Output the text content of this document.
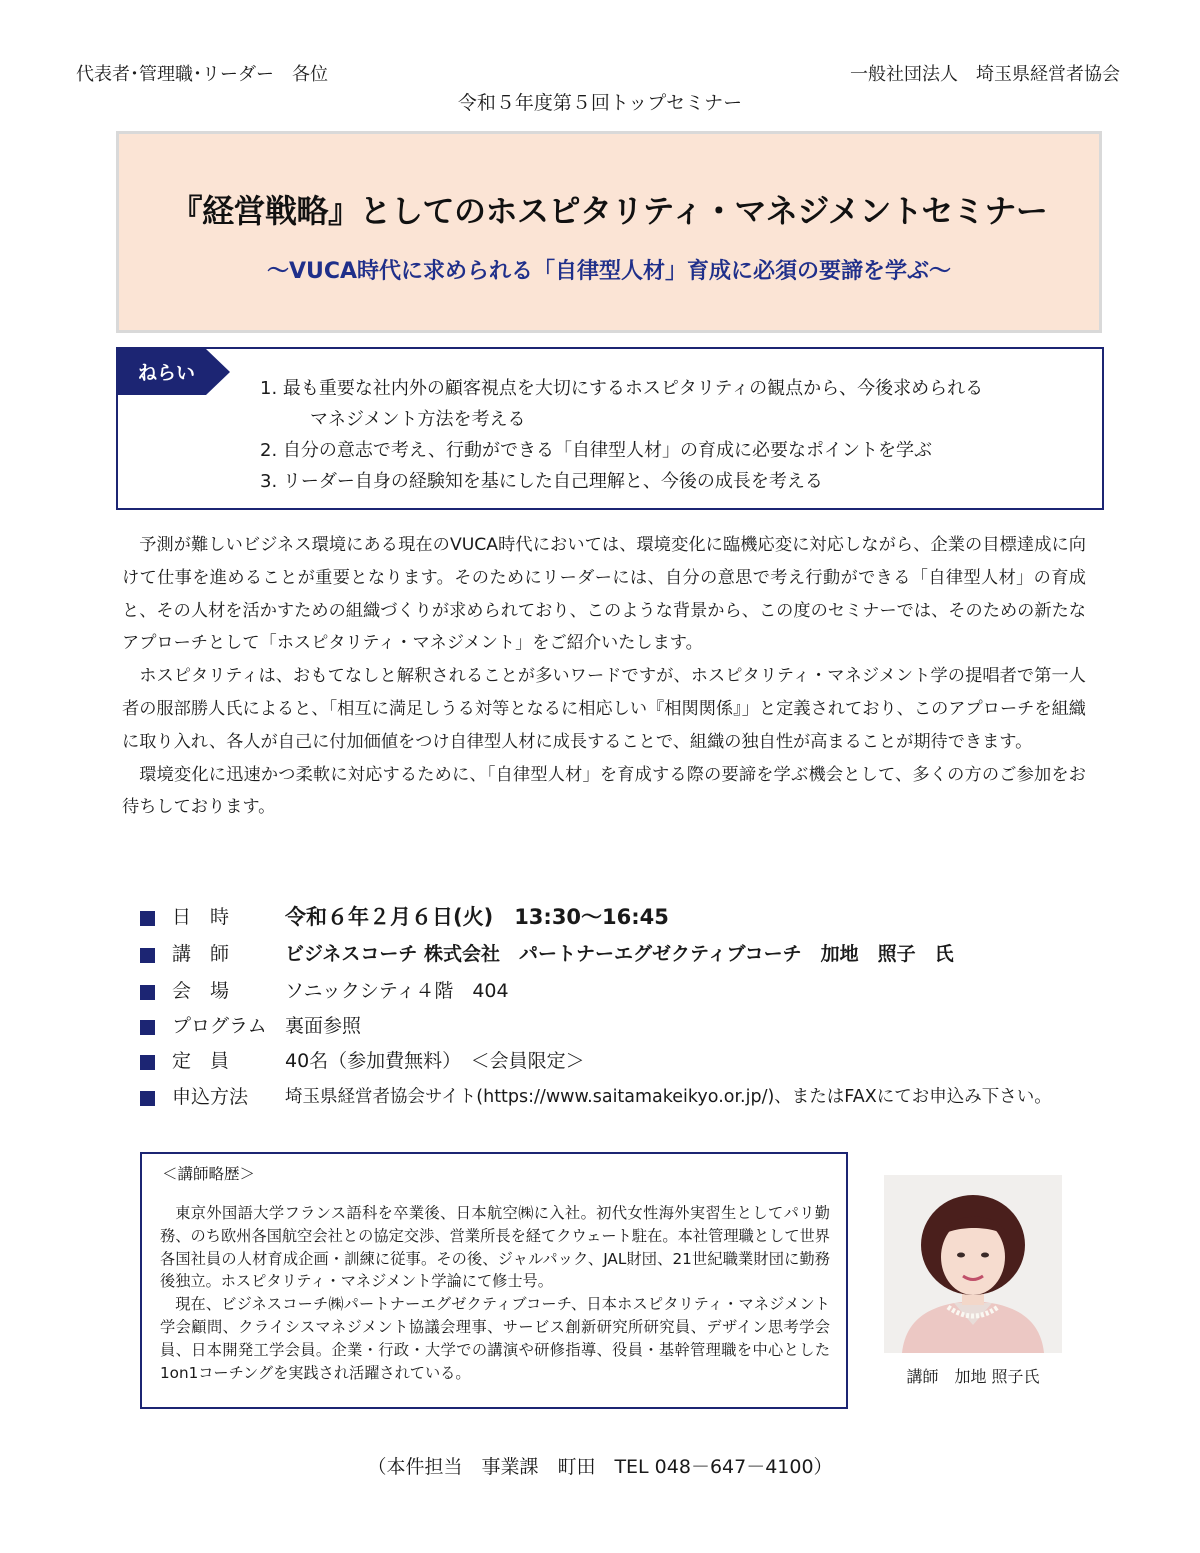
代表者･管理職･リーダー　各位	一般社団法人　埼玉県経営者協会
令和５年度第５回トップセミナー
『経営戦略』としてのホスピタリティ・マネジメントセミナー
～VUCA時代に求められる「自律型人材」育成に必須の要諦を学ぶ～
ねらい
1. 最も重要な社内外の顧客視点を大切にするホスピタリティの観点から、今後求められる
マネジメント方法を考える
2. 自分の意志で考え、行動ができる「自律型人材」の育成に必要なポイントを学ぶ
3. リーダー自身の経験知を基にした自己理解と、今後の成長を考える

予測が難しいビジネス環境にある現在のVUCA時代においては、環境変化に臨機応変に対応しながら、企業の目標達成に向けて仕事を進めることが重要となります。そのためにリーダーには、自分の意思で考え行動ができる「自律型人材」の育成と、その人材を活かすための組織づくりが求められており、このような背景から、この度のセミナーでは、そのための新たなアプローチとして「ホスピタリティ・マネジメント」をご紹介いたします。

ホスピタリティは、おもてなしと解釈されることが多いワードですが、ホスピタリティ・マネジメント学の提唱者で第一人者の服部勝人氏によると、「相互に満足しうる対等となるに相応しい『相関関係』」と定義されており、このアプローチを組織に取り入れ、各人が自己に付加価値をつけ自律型人材に成長することで、組織の独自性が高まることが期待できます。

環境変化に迅速かつ柔軟に対応するために、「自律型人材」を育成する際の要諦を学ぶ機会として、多くの方のご参加をお待ちしております。

日　時	令和６年２月６日(火)　13:30～16:45
講　師	ビジネスコーチ 株式会社　パートナーエグゼクティブコーチ　加地　照子　氏
会　場	ソニックシティ４階　404
プログラム 裏面参照
定　員	40名（参加費無料）　＜会員限定＞
申込方法 埼玉県経営者協会サイト(https://www.saitamakeikyo.or.jp/)、またはFAXにてお申込み下さい。
＜講師略歴＞

東京外国語大学フランス語科を卒業後、日本航空㈱に入社。初代女性海外実習生としてパリ勤務、のち欧州各国航空会社との協定交渉、営業所長を経てクウェート駐在。本社管理職として世界各国社員の人材育成企画・訓練に従事。その後、ジャルパック、JAL財団、21世紀職業財団に勤務後独立。ホスピタリティ・マネジメント学論にて修士号。

現在、ビジネスコーチ㈱パートナーエグゼクティブコーチ、日本ホスピタリティ・マネジメント学会顧問、クライシスマネジメント協議会理事、サービス創新研究所研究員、デザイン思考学会員、日本開発工学会員。企業・行政・大学での講演や研修指導、役員・基幹管理職を中心とした1on1コーチングを実践され活躍されている。	講師　加地 照子氏
（本件担当　事業課　町田　TEL 048－647－4100）
